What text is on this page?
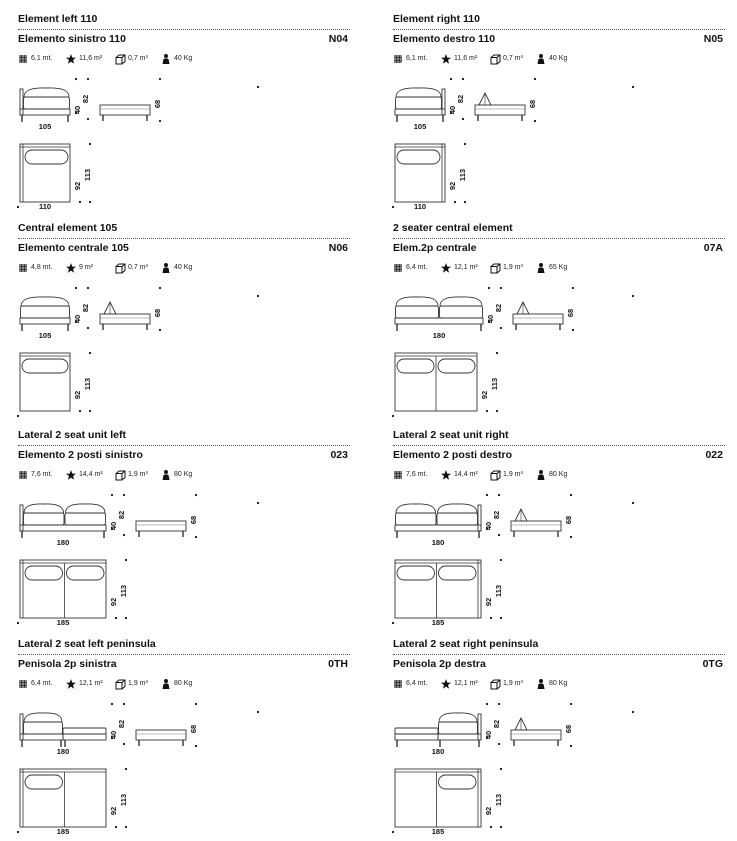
Element left 110
Elemento sinistro 110	N04
6,1 mt.	11,6 m²	0,7 m³	40 Kg
105
40
82
68
92
113
110
Element right 110
Elemento destro 110	N05
6,1 mt.	11,6 m²	0,7 m³	40 Kg
105
40
82
68
92
113
110
Central element 105
Elemento centrale 105	N06
4,8 mt.	9 m²	0,7 m³	40 Kg
105
40
82
68
92
113
2 seater central element
Elem.2p centrale	07A
6,4 mt.	12,1 m²	1,9 m³	65 Kg
180
40
82
68
92
113
Lateral 2 seat unit left
Elemento 2 posti sinistro	023
7,6 mt.	14,4 m²	1,9 m³	80 Kg
180
40
82
68
92
113
185
Lateral 2 seat unit right
Elemento 2 posti destro	022
7,6 mt.	14,4 m²	1,9 m³	80 Kg
180
40
82
68
92
113
185
Lateral 2 seat left peninsula
Penisola 2p sinistra	0TH
6,4 mt.	12,1 m²	1,9 m³	80 Kg
180
40
82
68
92
113
185
Lateral 2 seat right peninsula
Penisola 2p destra	0TG
6,4 mt.	12,1 m²	1,9 m³	80 Kg
180
40
82
68
92
113
185
